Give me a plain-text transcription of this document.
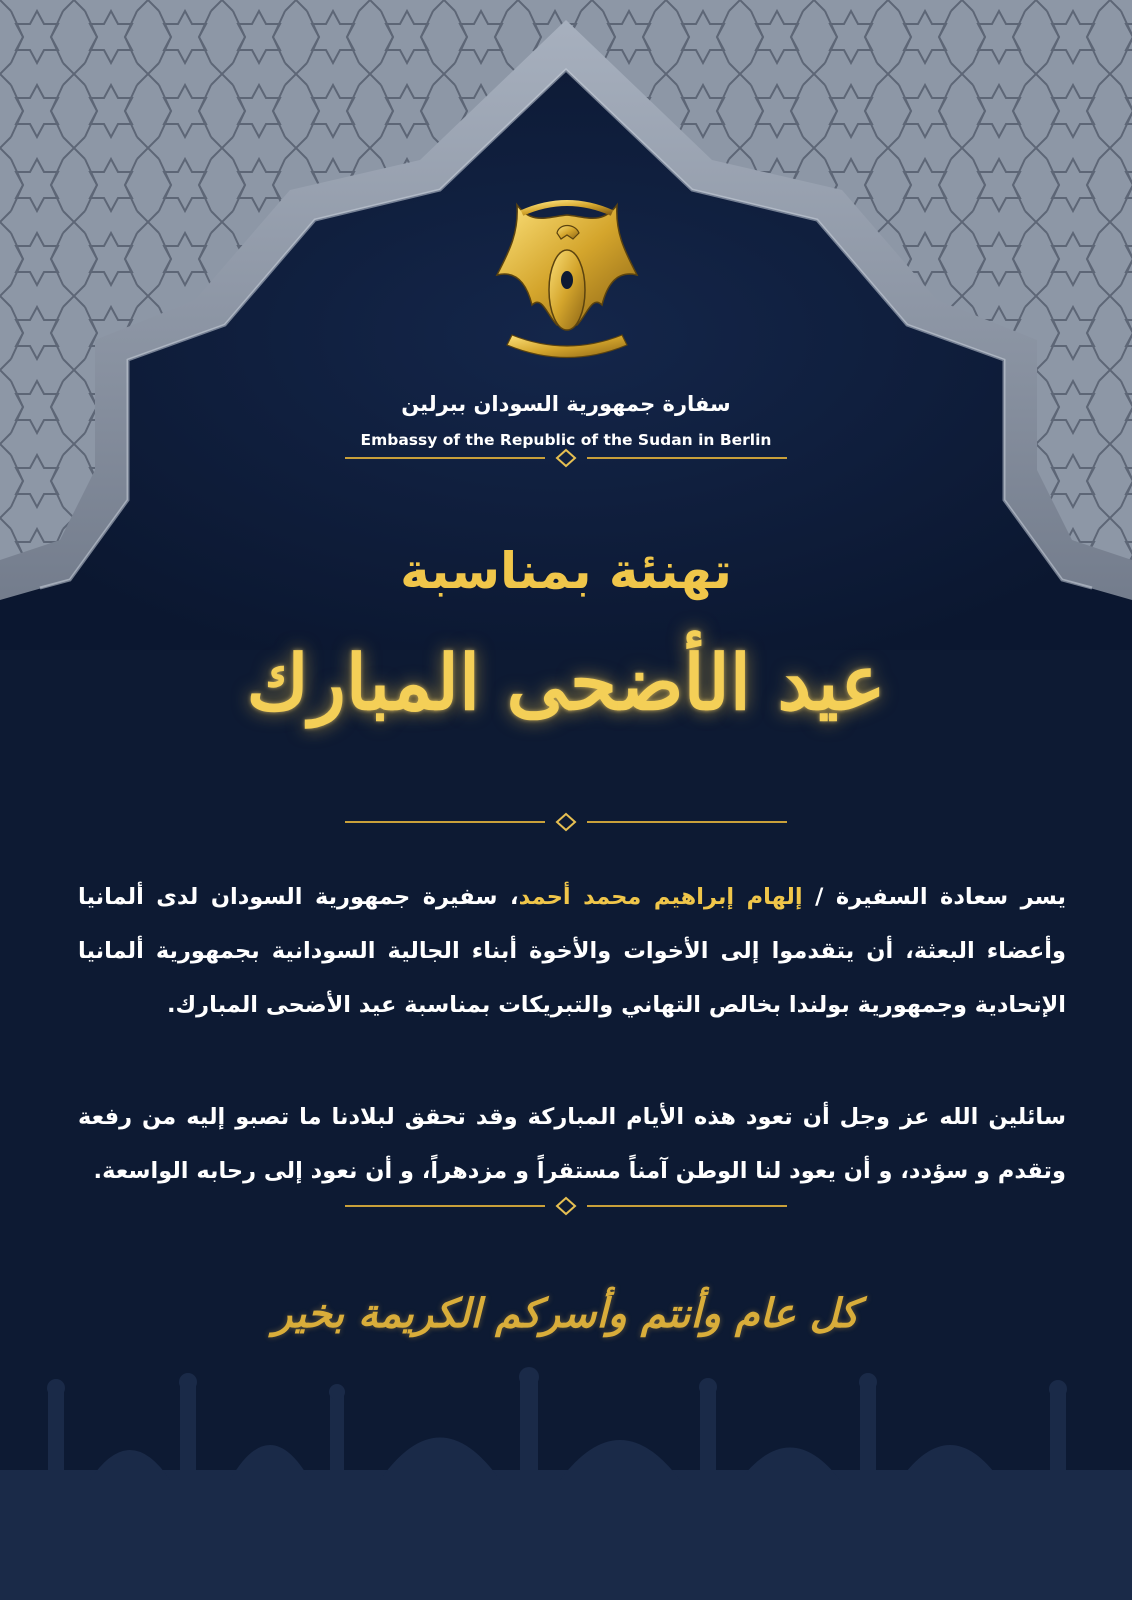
سفارة جمهورية السودان ببرلين
Embassy of the Republic of the Sudan in Berlin
تهنئة بمناسبة
عيد الأضحى المبارك
يسر سعادة السفيرة / إلهام إبراهيم محمد أحمد، سفيرة جمهورية السودان لدى ألمانيا وأعضاء البعثة، أن يتقدموا إلى الأخوات والأخوة أبناء الجالية السودانية بجمهورية ألمانيا الإتحادية وجمهورية بولندا بخالص التهاني والتبريكات بمناسبة عيد الأضحى المبارك.
سائلين الله عز وجل أن تعود هذه الأيام المباركة وقد تحقق لبلادنا ما تصبو إليه من رفعة وتقدم و سؤدد، و أن يعود لنا الوطن آمناً مستقراً و مزدهراً، و أن نعود إلى رحابه الواسعة.
كل عام وأنتم وأسركم الكريمة بخير
